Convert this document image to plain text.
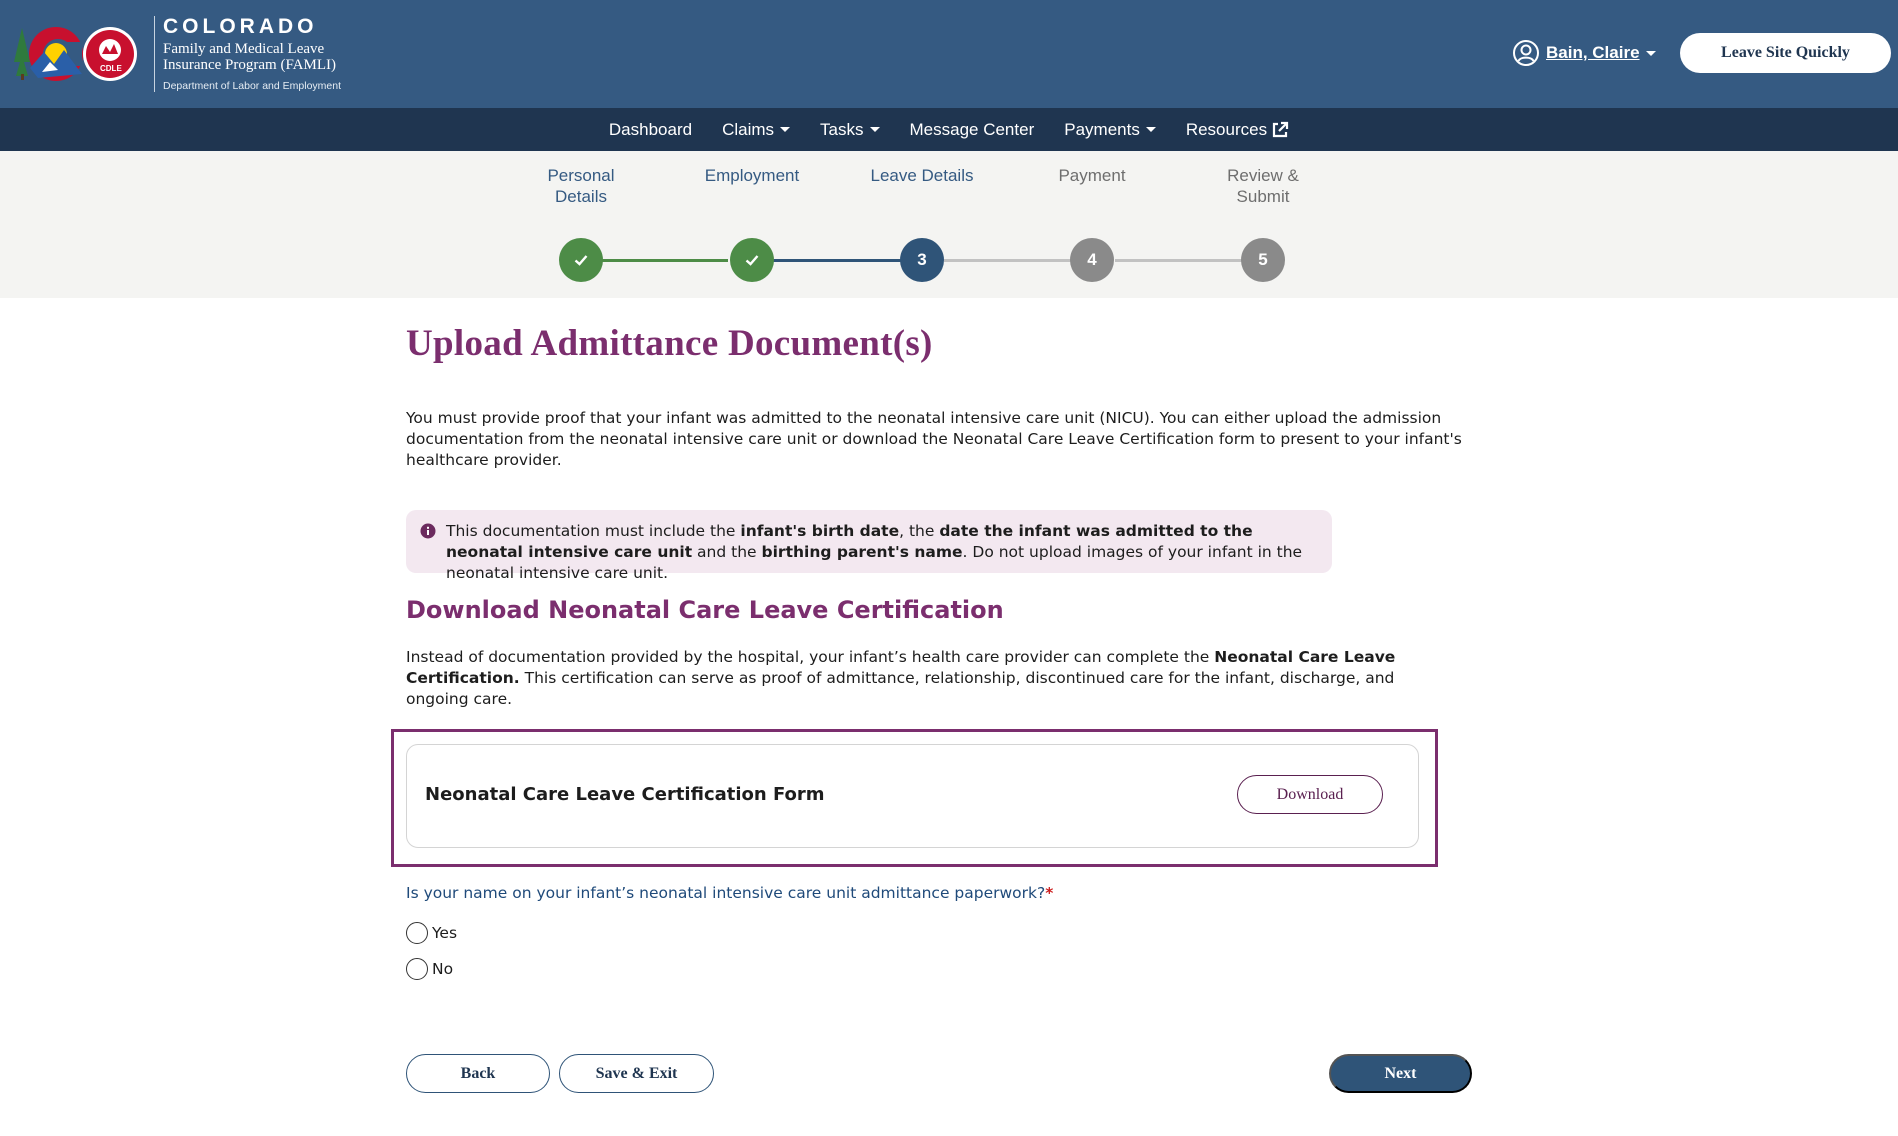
CDLE
COLORADO
Family and Medical Leave
Insurance Program (FAMLI)
Department of Labor and Employment
Bain, Claire	Leave Site Quickly
Dashboard Claims	Tasks	Message Center Payments	Resources
Personal
Details
Employment	Leave Details
3
Payment
4
Review &
Submit
5
Upload Admittance Document(s)

You must provide proof that your infant was admitted to the neonatal intensive care unit (NICU). You can either upload the admission documentation from the neonatal intensive care unit or download the Neonatal Care Leave Certification form to present to your infant's healthcare provider.

This documentation must include the infant's birth date, the date the infant was admitted to the neonatal intensive care unit and the birthing parent's name. Do not upload images of your infant in the neonatal intensive care unit.
Download Neonatal Care Leave Certification

Instead of documentation provided by the hospital, your infant’s health care provider can complete the Neonatal Care Leave Certification. This certification can serve as proof of admittance, relationship, discontinued care for the infant, discharge, and ongoing care.

Neonatal Care Leave Certification Form	Download
Is your name on your infant’s neonatal intensive care unit admittance paperwork?*
Yes
No
Back	Save & Exit	Next
